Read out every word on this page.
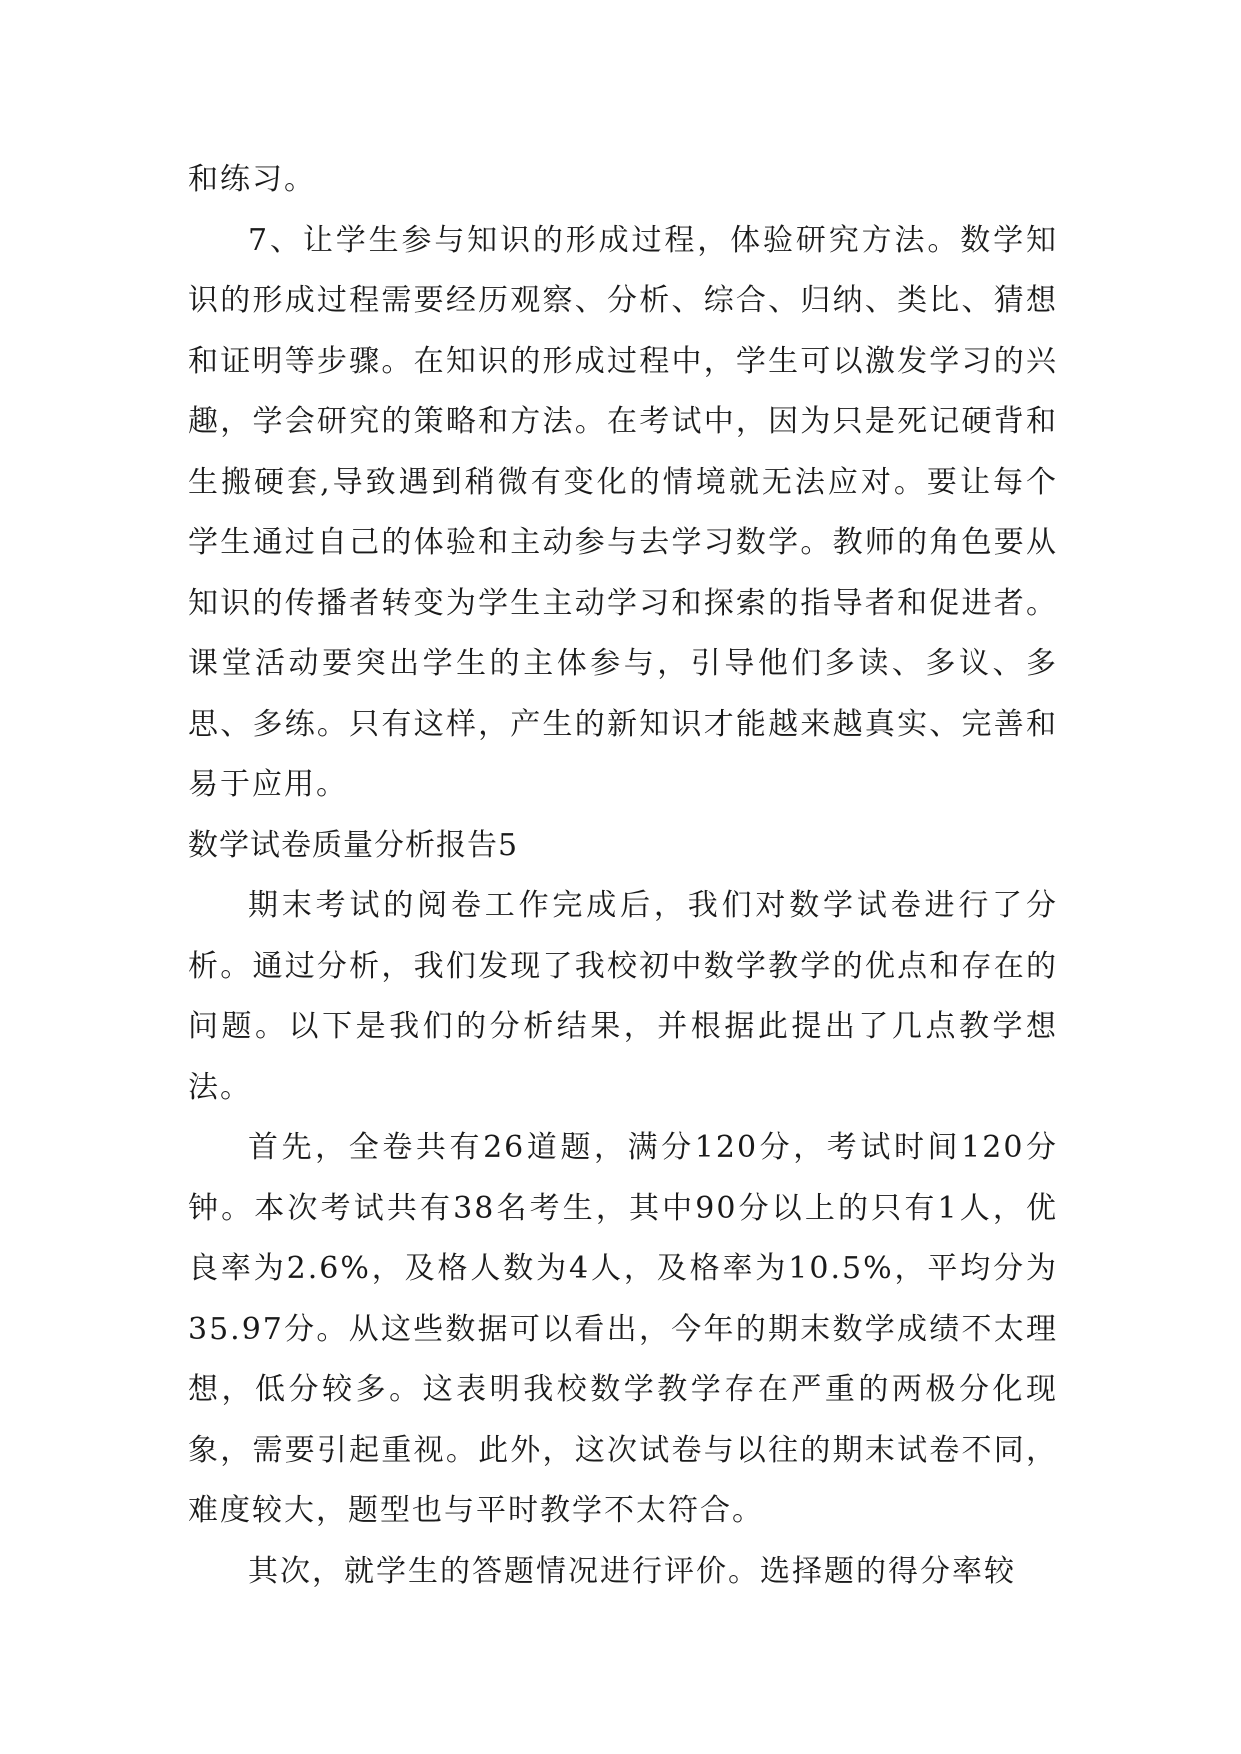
和练习。

7、让学生参与知识的形成过程，体验研究方法。数学知识的形成过程需要经历观察、分析、综合、归纳、类比、猜想和证明等步骤。在知识的形成过程中，学生可以激发学习的兴趣，学会研究的策略和方法。在考试中，因为只是死记硬背和生搬硬套,导致遇到稍微有变化的情境就无法应对。要让每个学生通过自己的体验和主动参与去学习数学。教师的角色要从知识的传播者转变为学生主动学习和探索的指导者和促进者。课堂活动要突出学生的主体参与，引导他们多读、多议、多思、多练。只有这样，产生的新知识才能越来越真实、完善和易于应用。

数学试卷质量分析报告5

期末考试的阅卷工作完成后，我们对数学试卷进行了分析。通过分析，我们发现了我校初中数学教学的优点和存在的问题。以下是我们的分析结果，并根据此提出了几点教学想法。

首先，全卷共有26道题，满分120分，考试时间120分钟。本次考试共有38名考生，其中90分以上的只有1人，优良率为2.6%，及格人数为4人，及格率为10.5%，平均分为35.97分。从这些数据可以看出，今年的期末数学成绩不太理想，低分较多。这表明我校数学教学存在严重的两极分化现象，需要引起重视。此外，这次试卷与以往的期末试卷不同，难度较大，题型也与平时教学不太符合。

其次，就学生的答题情况进行评价。选择题的得分率较
